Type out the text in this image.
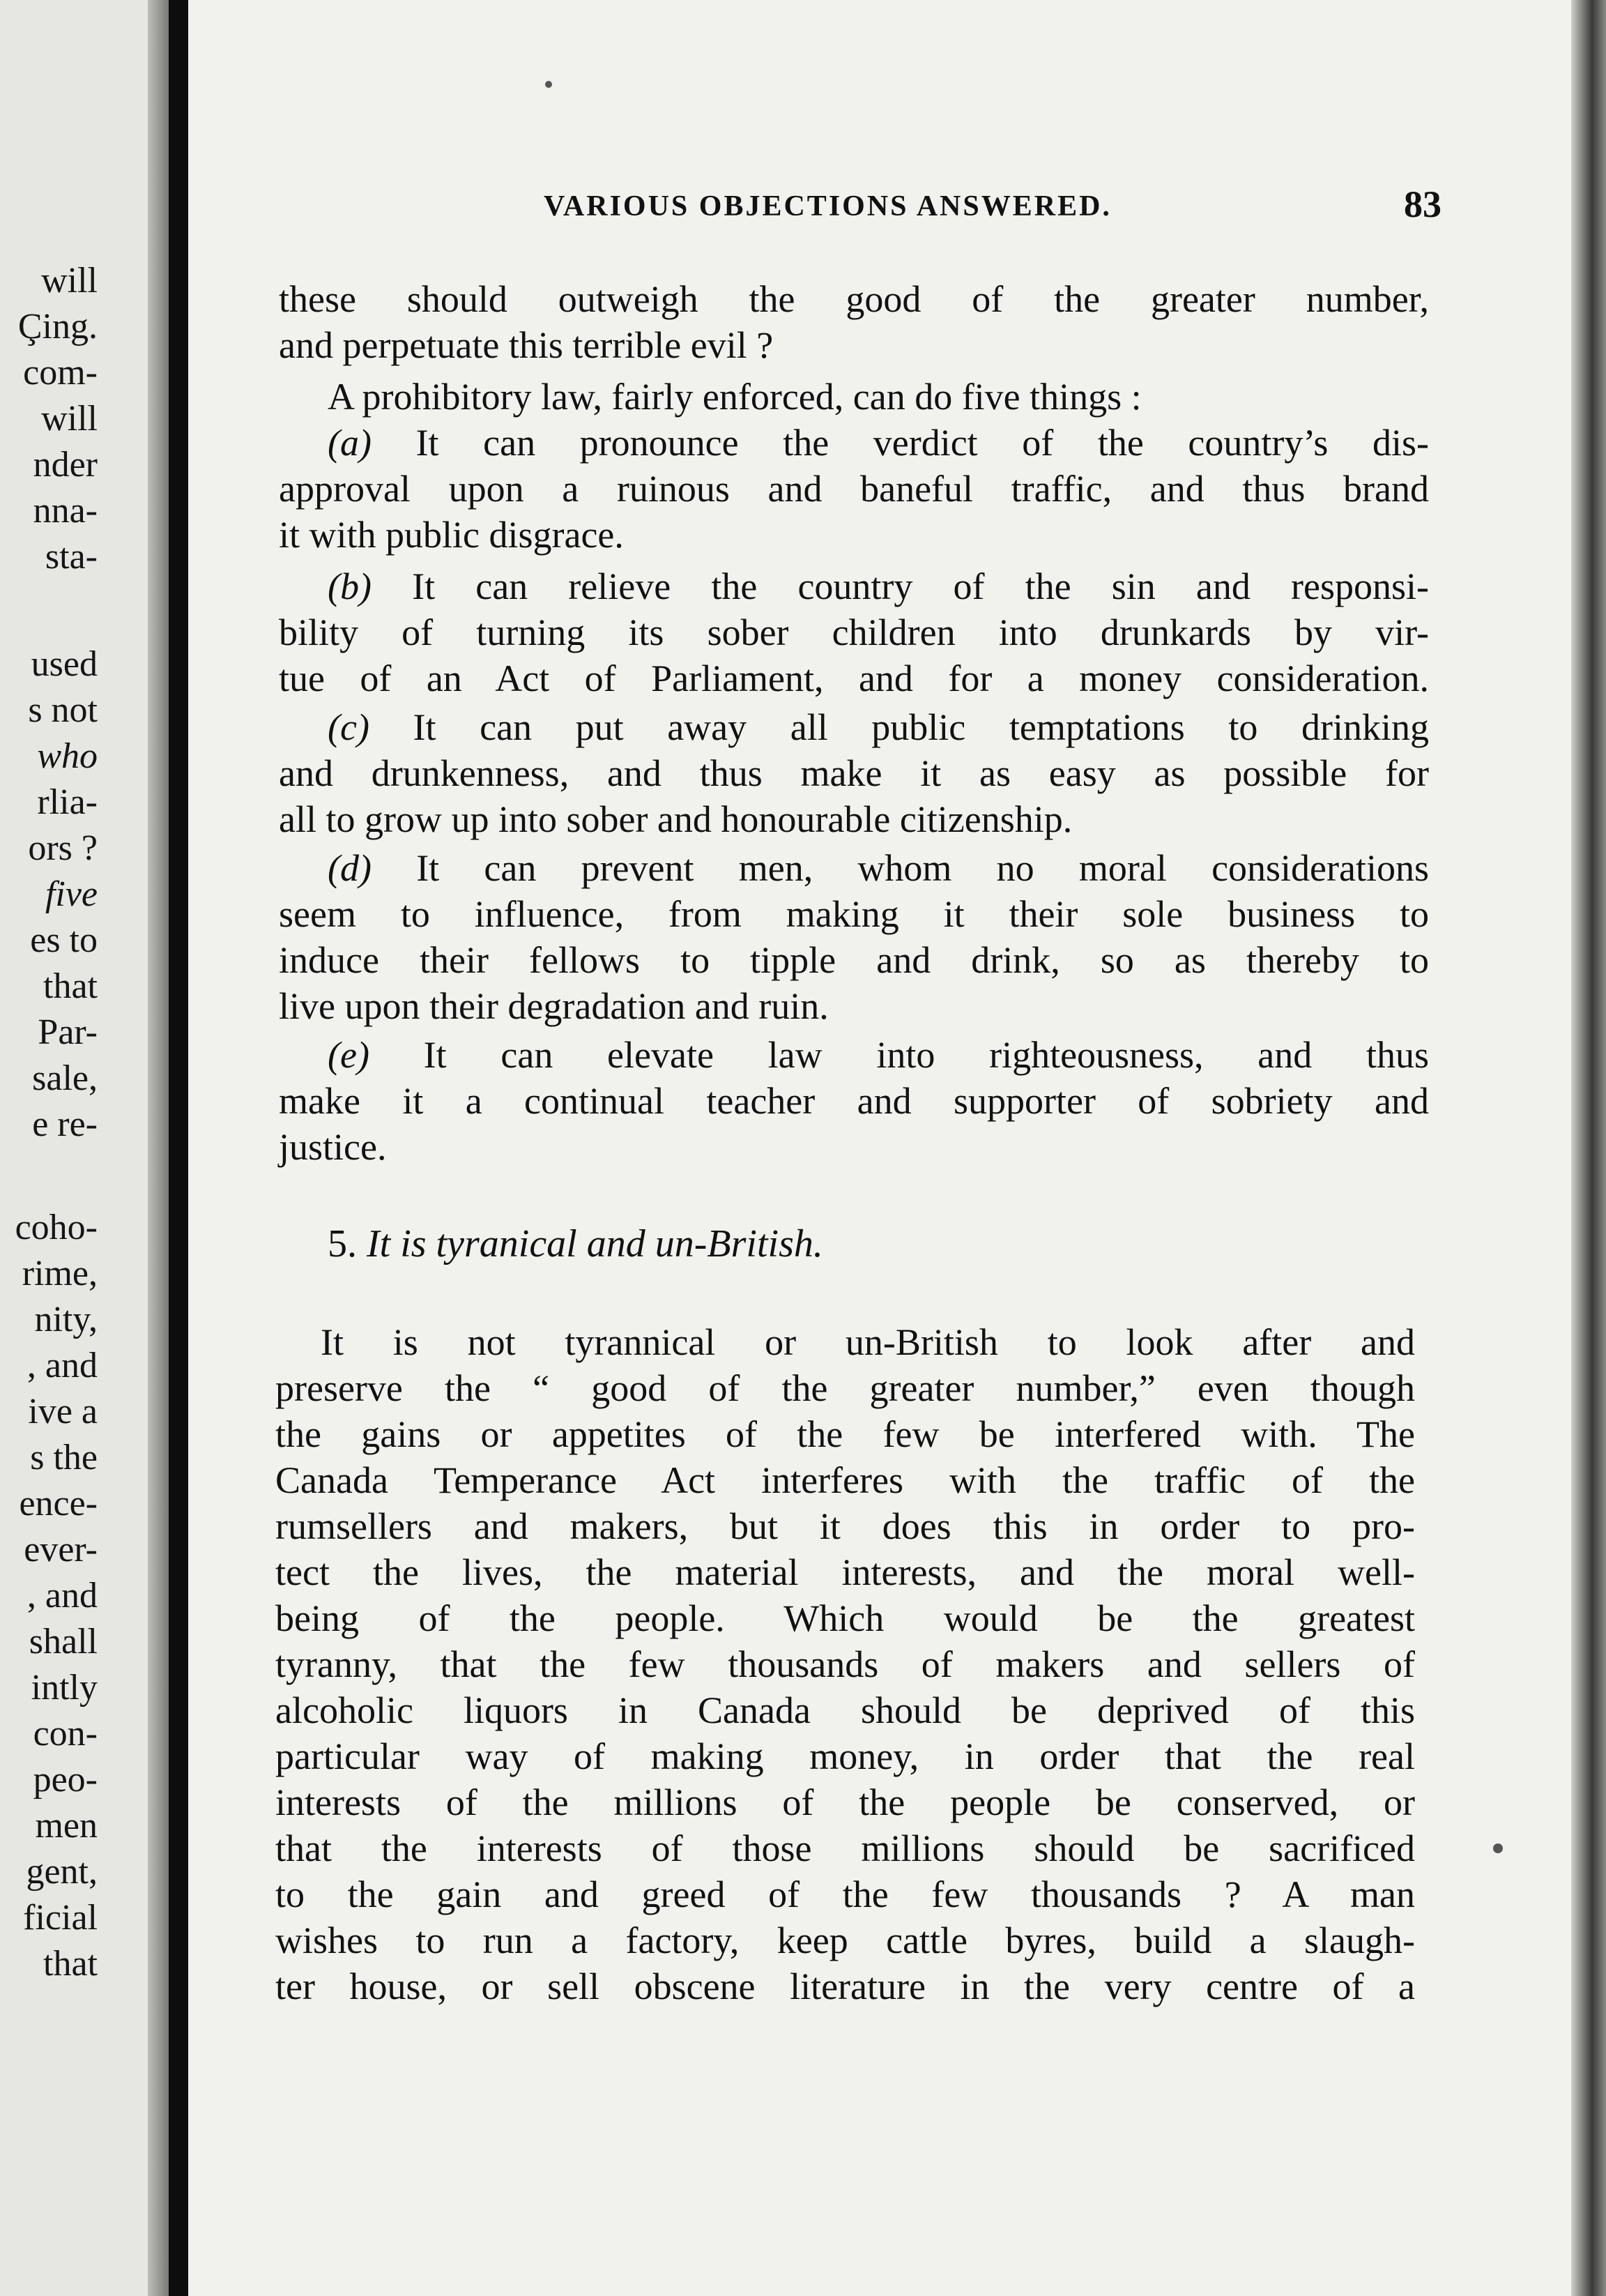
will
Çing.
com-
will
nder
nna-
sta-
used
s not
who
rlia-
ors ?
five
es to
that
Par-
sale,
e re-
coho-
rime,
nity,
, and
ive a
s the
ence-
ever-
, and
shall
intly
con-
peo-
men
gent,
ficial
that
VARIOUS OBJECTIONS ANSWERED.	83
these should outweigh the good of the greater number,
and perpetuate this terrible evil ?
A prohibitory law, fairly enforced, can do five things :
(a) It can pronounce the verdict of the country’s dis-
approval upon a ruinous and baneful traffic, and thus brand
it with public disgrace.
(b) It can relieve the country of the sin and responsi-
bility of turning its sober children into drunkards by vir-
tue of an Act of Parliament, and for a money consideration.
(c) It can put away all public temptations to drinking
and drunkenness, and thus make it as easy as possible for
all to grow up into sober and honourable citizenship.
(d) It can prevent men, whom no moral considerations
seem to influence, from making it their sole business to
induce their fellows to tipple and drink, so as thereby to
live upon their degradation and ruin.
(e) It can elevate law into righteousness, and thus
make it a continual teacher and supporter of sobriety and
justice.
5. It is tyranical and un-British.
It is not tyrannical or un-British to look after and
preserve the “ good of the greater number,” even though
the gains or appetites of the few be interfered with. The
Canada Temperance Act interferes with the traffic of the
rumsellers and makers, but it does this in order to pro-
tect the lives, the material interests, and the moral well-
being of the people. Which would be the greatest
tyranny, that the few thousands of makers and sellers of
alcoholic liquors in Canada should be deprived of this
particular way of making money, in order that the real
interests of the millions of the people be conserved, or
that the interests of those millions should be sacrificed
to the gain and greed of the few thousands ? A man
wishes to run a factory, keep cattle byres, build a slaugh-
ter house, or sell obscene literature in the very centre of a
